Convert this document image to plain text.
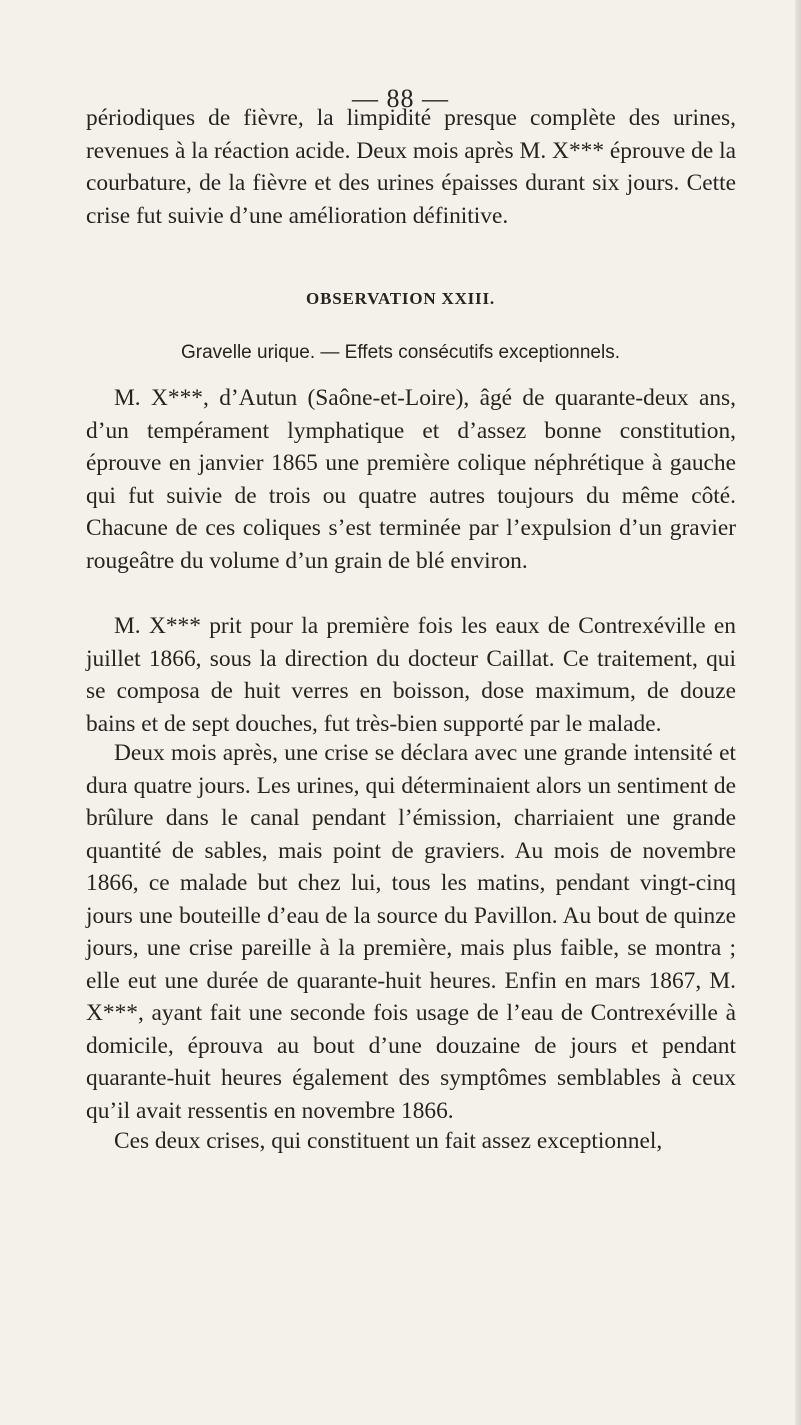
— 88 —

périodiques de fièvre, la limpidité presque complète des urines, revenues à la réaction acide. Deux mois après M. X*** éprouve de la courbature, de la fièvre et des urines épaisses durant six jours. Cette crise fut suivie d’une amélioration définitive.

OBSERVATION XXIII.
Gravelle urique. — Effets consécutifs exceptionnels.

M. X***, d’Autun (Saône-et-Loire), âgé de quarante-deux ans, d’un tempérament lymphatique et d’assez bonne constitution, éprouve en janvier 1865 une première colique néphrétique à gauche qui fut suivie de trois ou quatre autres toujours du même côté. Chacune de ces coliques s’est terminée par l’expulsion d’un gravier rougeâtre du volume d’un grain de blé environ.

M. X*** prit pour la première fois les eaux de Contrexéville en juillet 1866, sous la direction du docteur Caillat. Ce traitement, qui se composa de huit verres en boisson, dose maximum, de douze bains et de sept douches, fut très-bien supporté par le malade.

Deux mois après, une crise se déclara avec une grande intensité et dura quatre jours. Les urines, qui déterminaient alors un sentiment de brûlure dans le canal pendant l’émission, charriaient une grande quantité de sables, mais point de graviers. Au mois de novembre 1866, ce malade but chez lui, tous les matins, pendant vingt-cinq jours une bouteille d’eau de la source du Pavillon. Au bout de quinze jours, une crise pareille à la première, mais plus faible, se montra ; elle eut une durée de quarante-huit heures. Enfin en mars 1867, M. X***, ayant fait une seconde fois usage de l’eau de Contrexéville à domicile, éprouva au bout d’une douzaine de jours et pendant quarante-huit heures également des symptômes semblables à ceux qu’il avait ressentis en novembre 1866.

Ces deux crises, qui constituent un fait assez exceptionnel,
